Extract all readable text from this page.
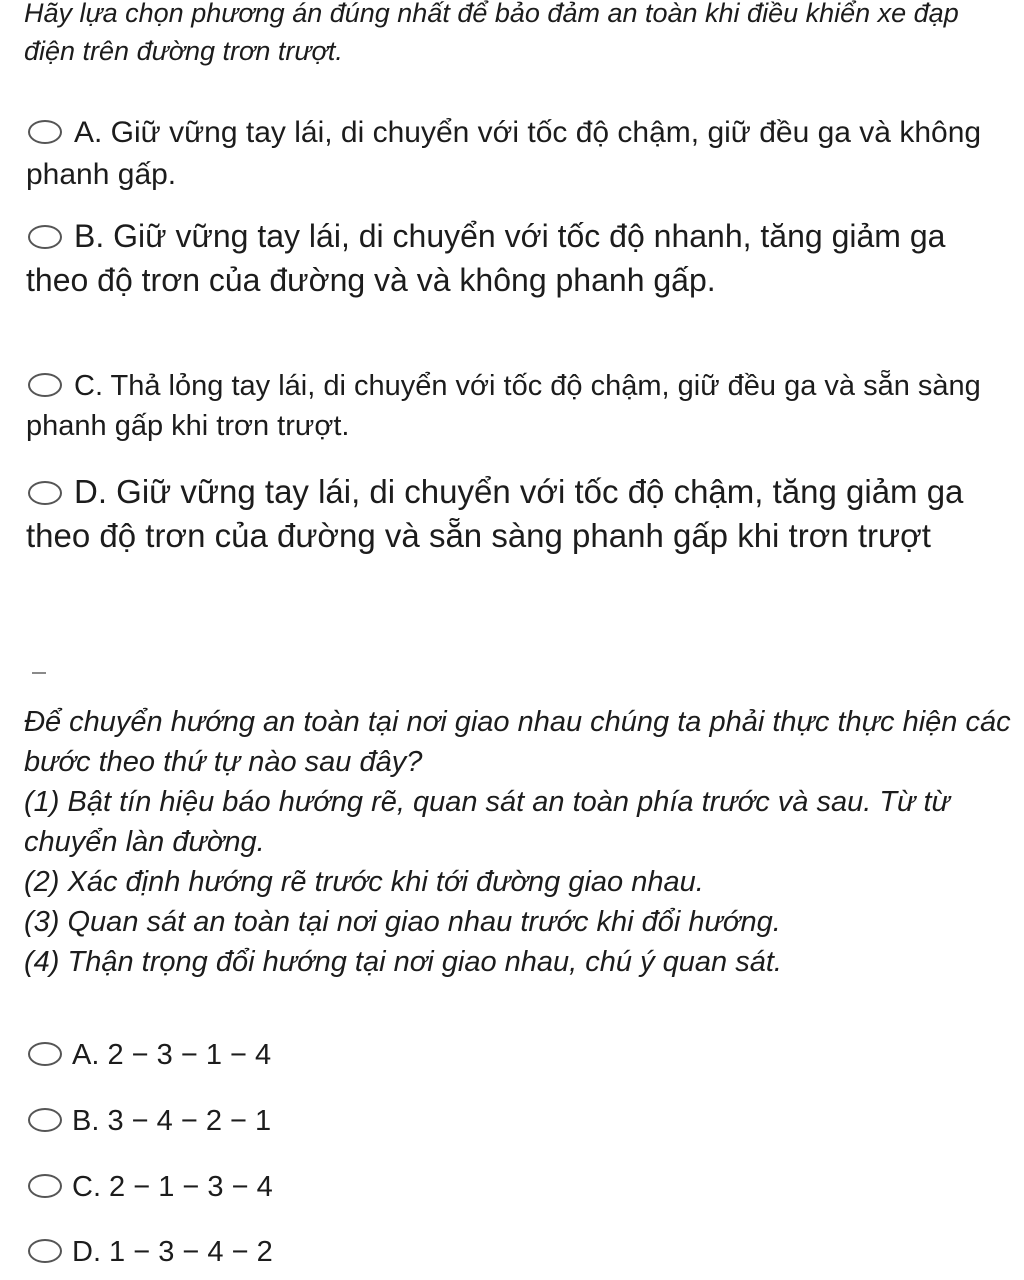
Hãy lựa chọn phương án đúng nhất để bảo đảm an toàn khi điều khiển xe đạp điện trên đường trơn trượt.

A. Giữ vững tay lái, di chuyển với tốc độ chậm, giữ đều ga và không phanh gấp.
B. Giữ vững tay lái, di chuyển với tốc độ nhanh, tăng giảm ga theo độ trơn của đường và và không phanh gấp.
C. Thả lỏng tay lái, di chuyển với tốc độ chậm, giữ đều ga và sẵn sàng phanh gấp khi trơn trượt.
D. Giữ vững tay lái, di chuyển với tốc độ chậm, tăng giảm ga theo độ trơn của đường và sẵn sàng phanh gấp khi trơn trượt

Để chuyển hướng an toàn tại nơi giao nhau chúng ta phải thực thực hiện các bước theo thứ tự nào sau đây?

(1) Bật tín hiệu báo hướng rẽ, quan sát an toàn phía trước và sau. Từ từ chuyển làn đường.

(2) Xác định hướng rẽ trước khi tới đường giao nhau.

(3) Quan sát an toàn tại nơi giao nhau trước khi đổi hướng.

(4) Thận trọng đổi hướng tại nơi giao nhau, chú ý quan sát.

A. 2 − 3 − 1 − 4
B. 3 − 4 − 2 − 1
C. 2 − 1 − 3 − 4
D. 1 − 3 − 4 − 2
